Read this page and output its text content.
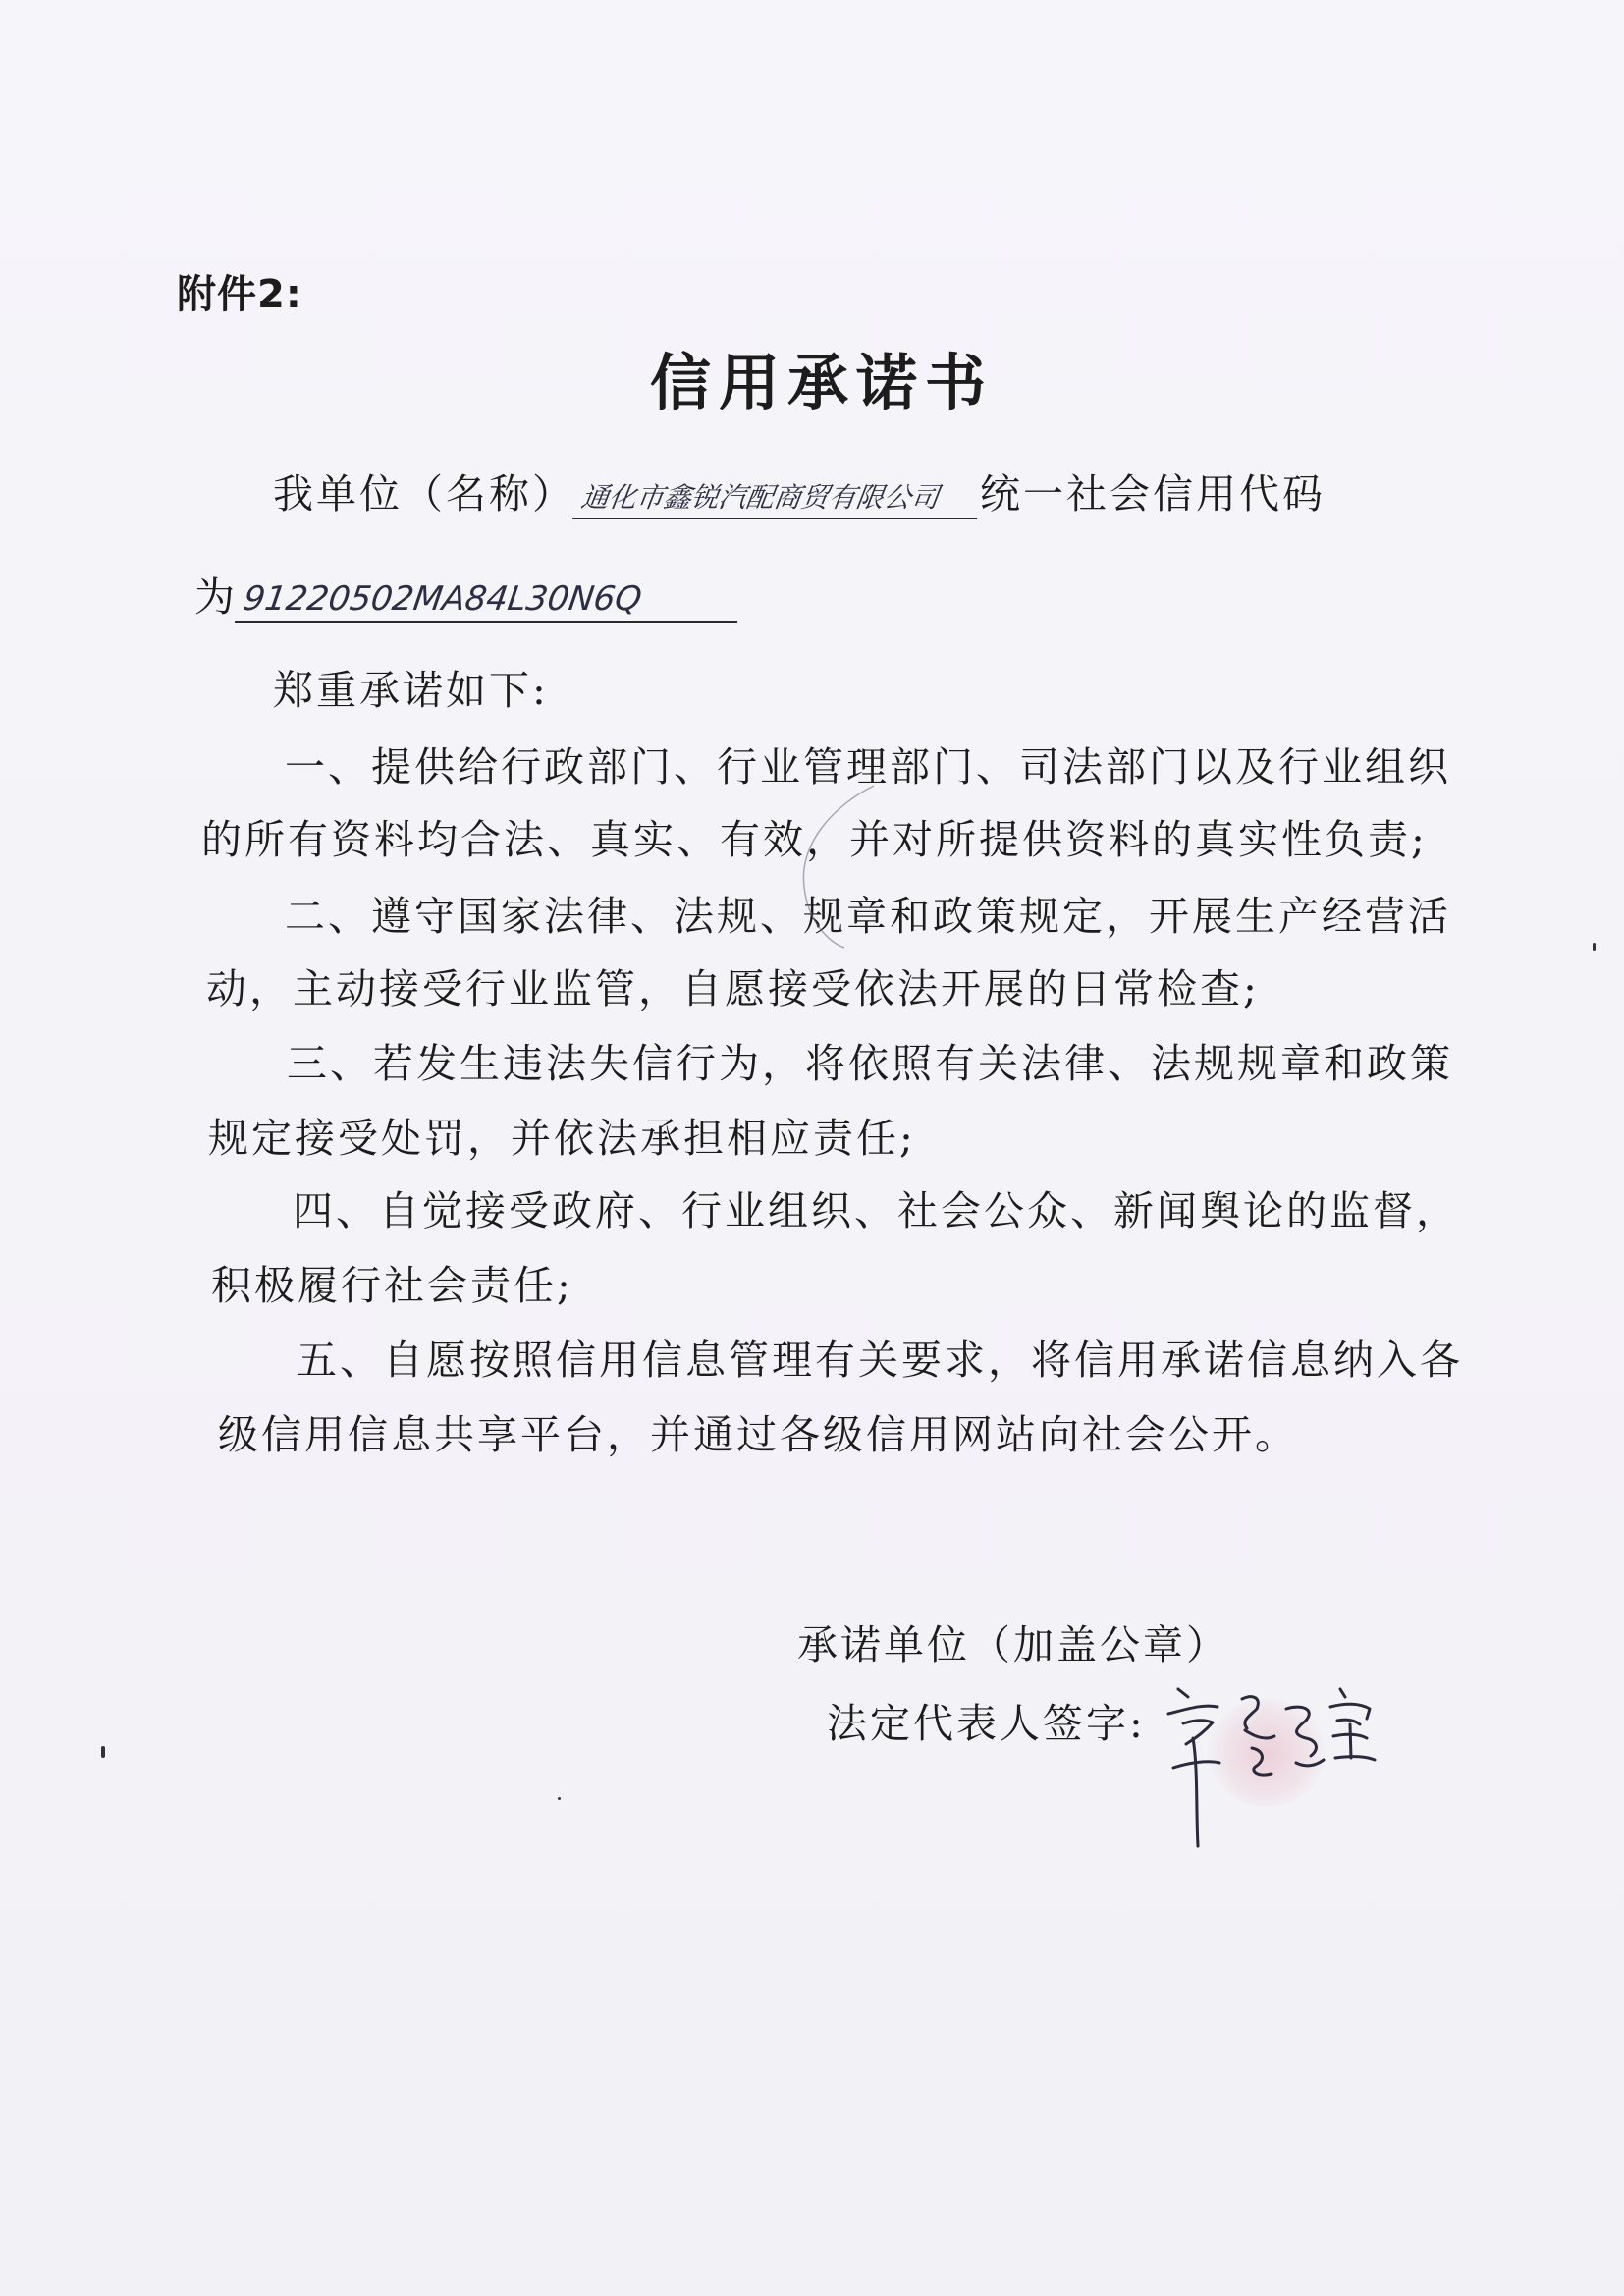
附件2:
信用承诺书
我单位（名称） 通化市鑫锐汽配商贸有限公司 统一社会信用代码
为 91220502MA84L30N6Q
郑重承诺如下:
一、提供给行政部门、行业管理部门、司法部门以及行业组织
的所有资料均合法、真实、有效，并对所提供资料的真实性负责;
二、遵守国家法律、法规、规章和政策规定，开展生产经营活
动，主动接受行业监管，自愿接受依法开展的日常检查;
三、若发生违法失信行为，将依照有关法律、法规规章和政策
规定接受处罚，并依法承担相应责任;
四、自觉接受政府、行业组织、社会公众、新闻舆论的监督，
积极履行社会责任;
五、自愿按照信用信息管理有关要求，将信用承诺信息纳入各
级信用信息共享平台，并通过各级信用网站向社会公开。
承诺单位（加盖公章）
法定代表人签字:
